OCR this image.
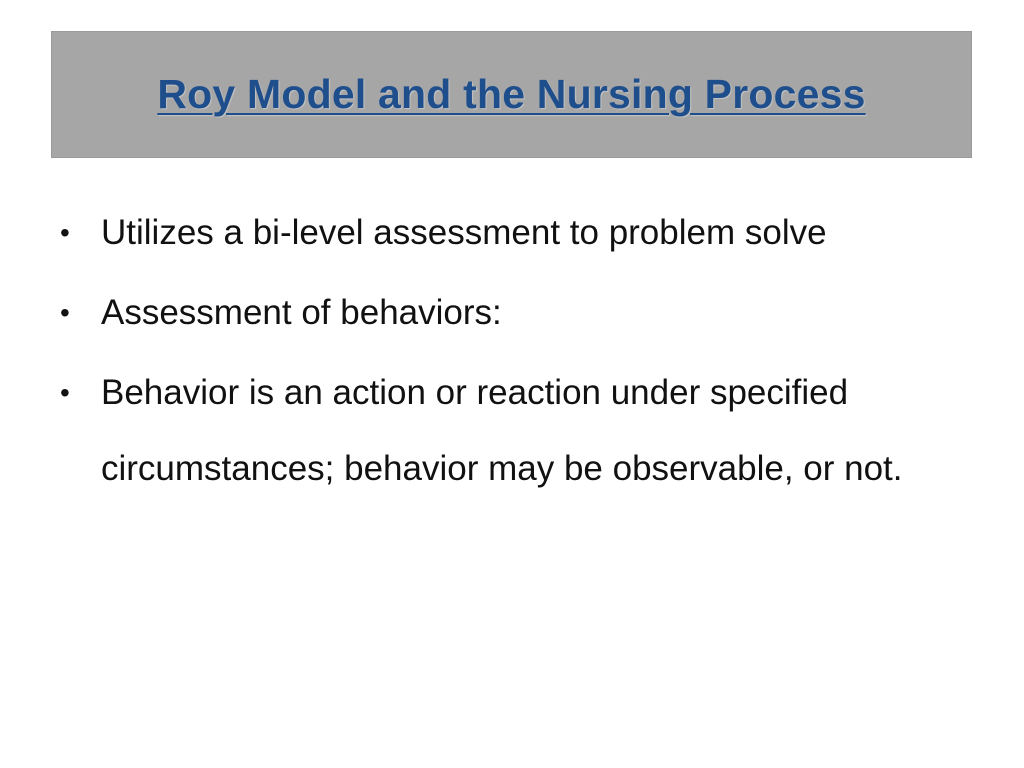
Roy Model and the Nursing Process
• Utilizes a bi-level assessment to problem solve
• Assessment of behaviors:
• Behavior is an action or reaction under specified circumstances; behavior may be observable, or not.
